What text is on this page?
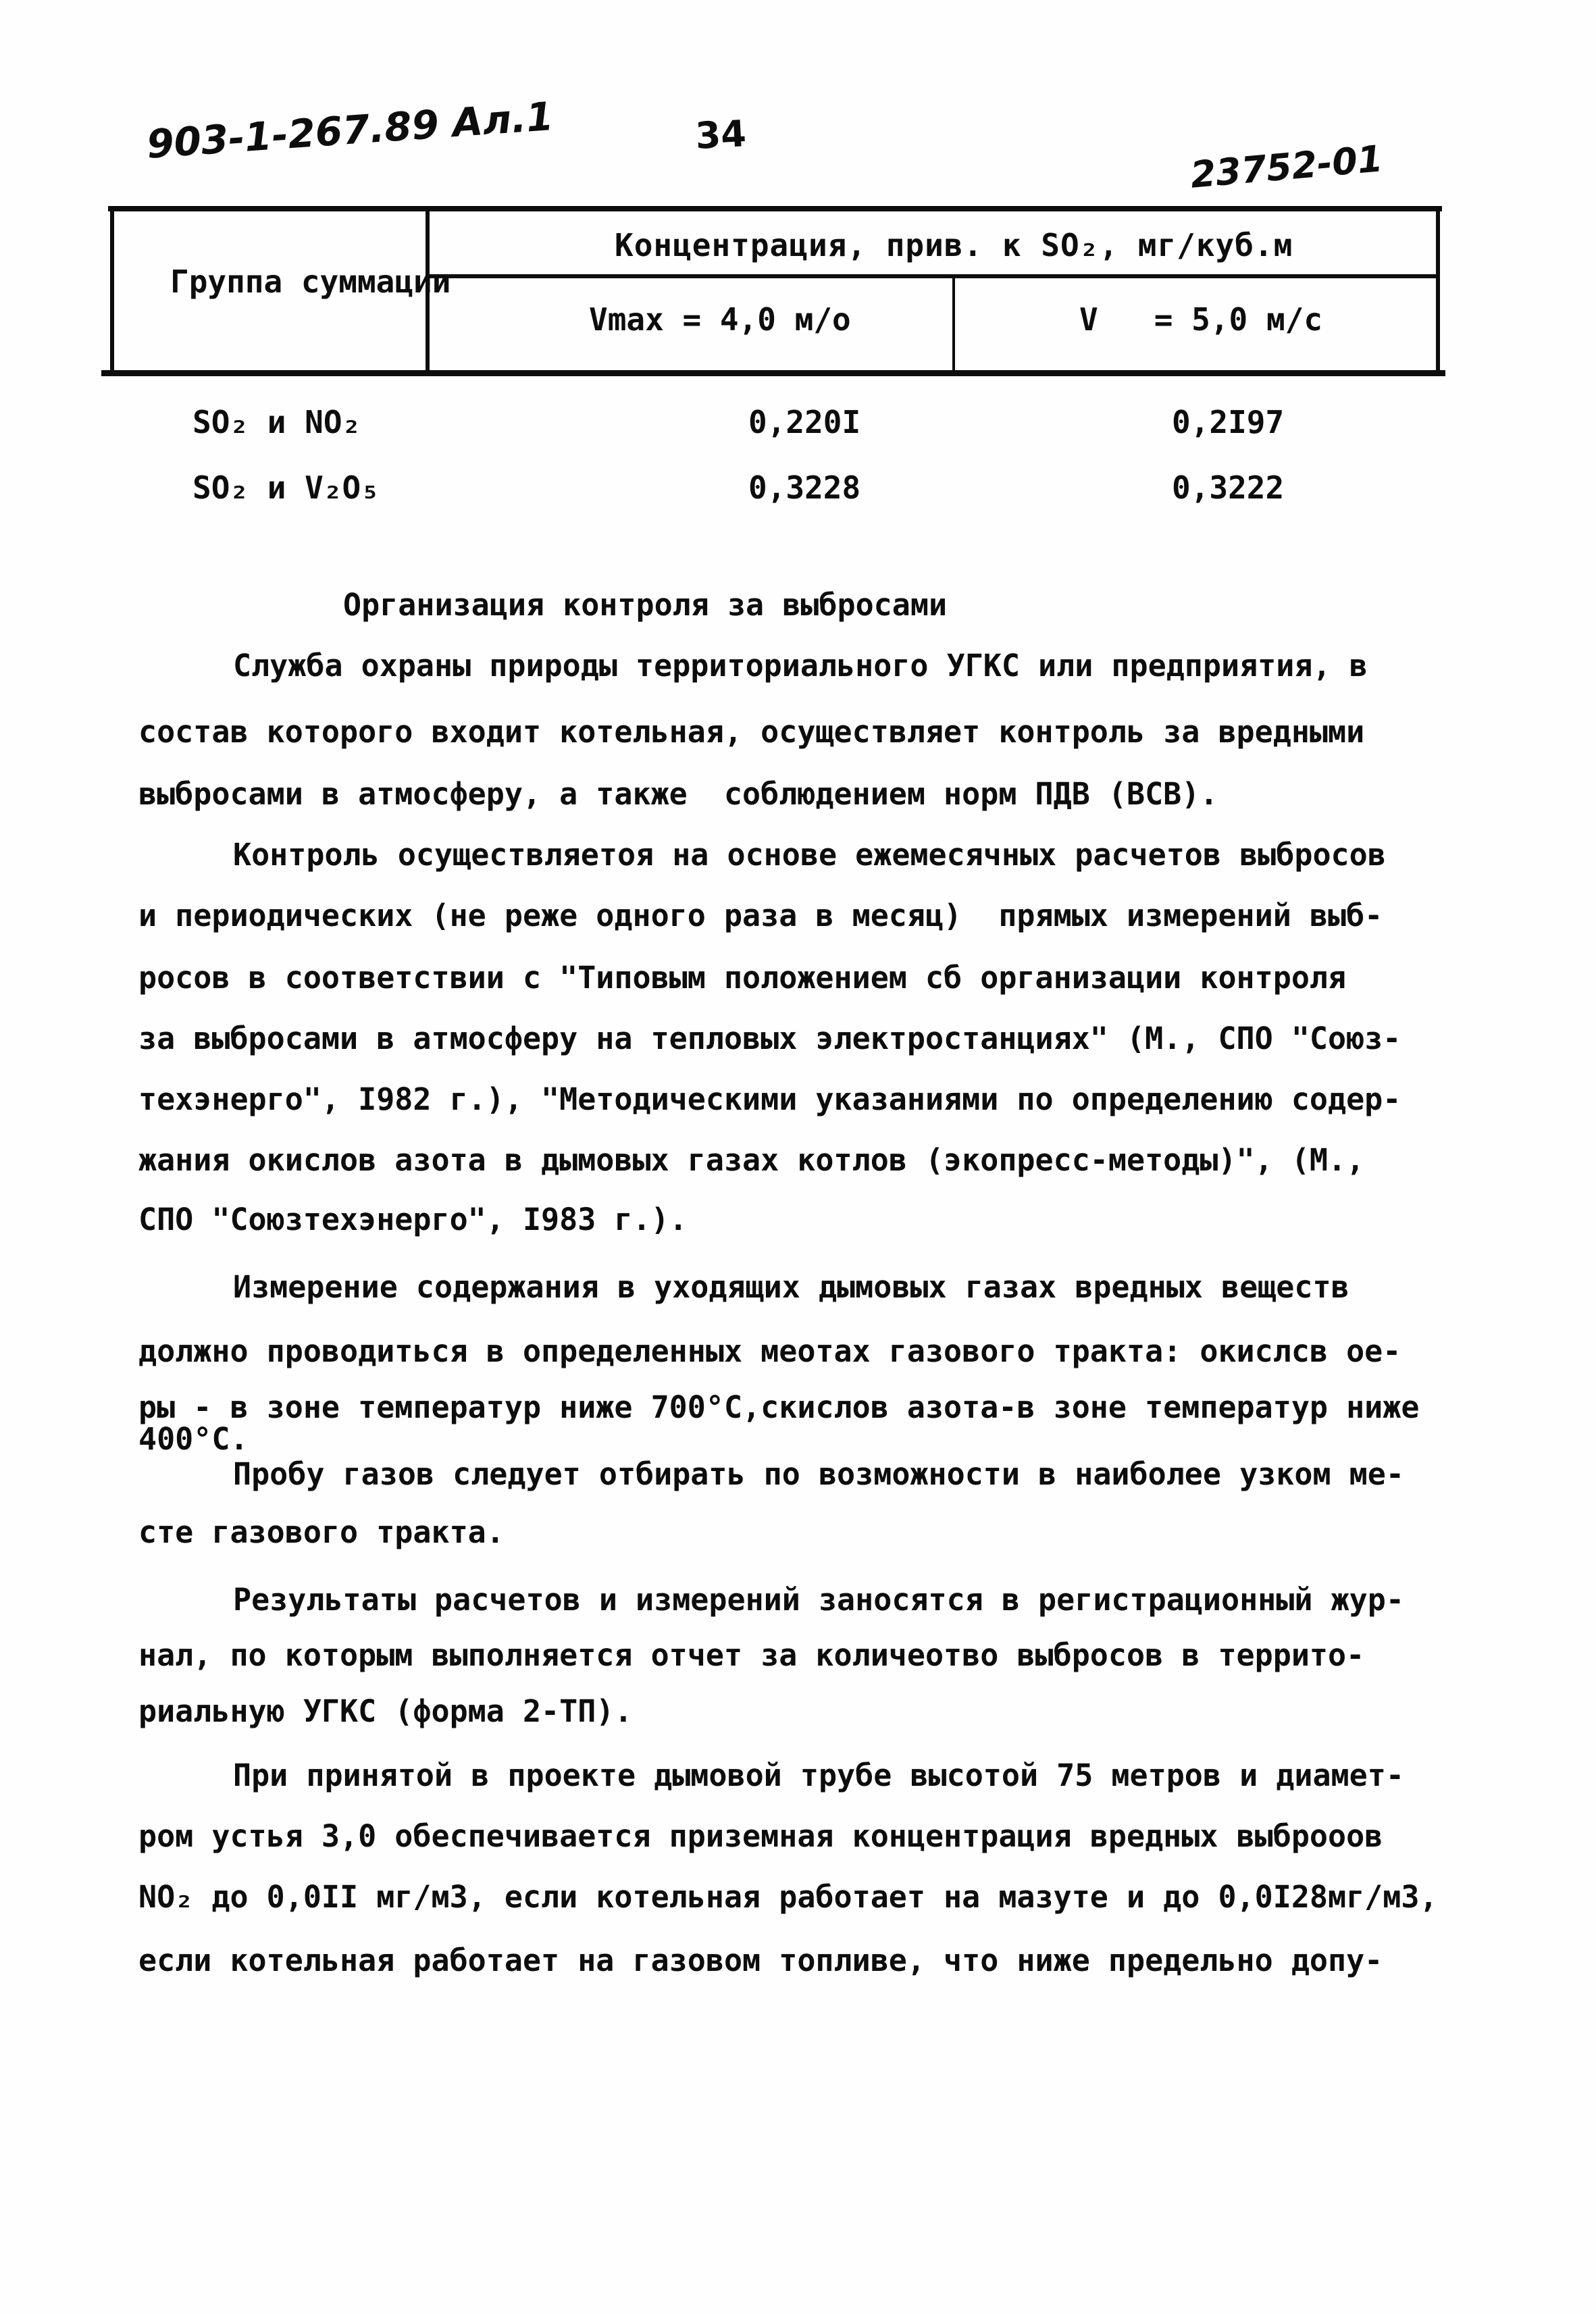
903-1-267.89 Ал.1	34
23752-01
Группа суммации
Концентрация, прив. к SO₂, мг/куб.м
Vmax = 4,0 м/о	V   = 5,0 м/с
SO₂ и NO₂	0,220I	0,2I97
SO₂ и V₂O₅	0,3228	0,3222
Организация контроля за выбросами
Служба охраны природы территориального УГКС или предприятия, в
состав которого входит котельная, осуществляет контроль за вредными
выбросами в атмосферу, а также  соблюдением норм ПДВ (ВСВ).
Контроль осуществляетоя на основе ежемесячных расчетов выбросов
и периодических (не реже одного раза в месяц)  прямых измерений выб-
росов в соответствии с "Типовым положением сб организации контроля
за выбросами в атмосферу на тепловых электростанциях" (М., СПО "Союз-
техэнерго", I982 г.), "Методическими указаниями по определению содер-
жания окислов азота в дымовых газах котлов (экопресс-методы)", (М.,
СПО "Союзтехэнерго", I983 г.).
Измерение содержания в уходящих дымовых газах вредных веществ
должно проводиться в определенных меотах газового тракта: окислсв ое-
ры - в зоне температур ниже 700°С,скислов азота-в зоне температур ниже
400°С.
Пробу газов следует отбирать по возможности в наиболее узком ме-
сте газового тракта.
Результаты расчетов и измерений заносятся в регистрационный жур-
нал, по которым выполняется отчет за количеотво выбросов в террито-
риальную УГКС (форма 2-ТП).
При принятой в проекте дымовой трубе высотой 75 метров и диамет-
ром устья 3,0 обеспечивается приземная концентрация вредных выброоов
NO₂ до 0,0II мг/м3, если котельная работает на мазуте и до 0,0I28мг/м3,
если котельная работает на газовом топливе, что ниже предельно допу-
